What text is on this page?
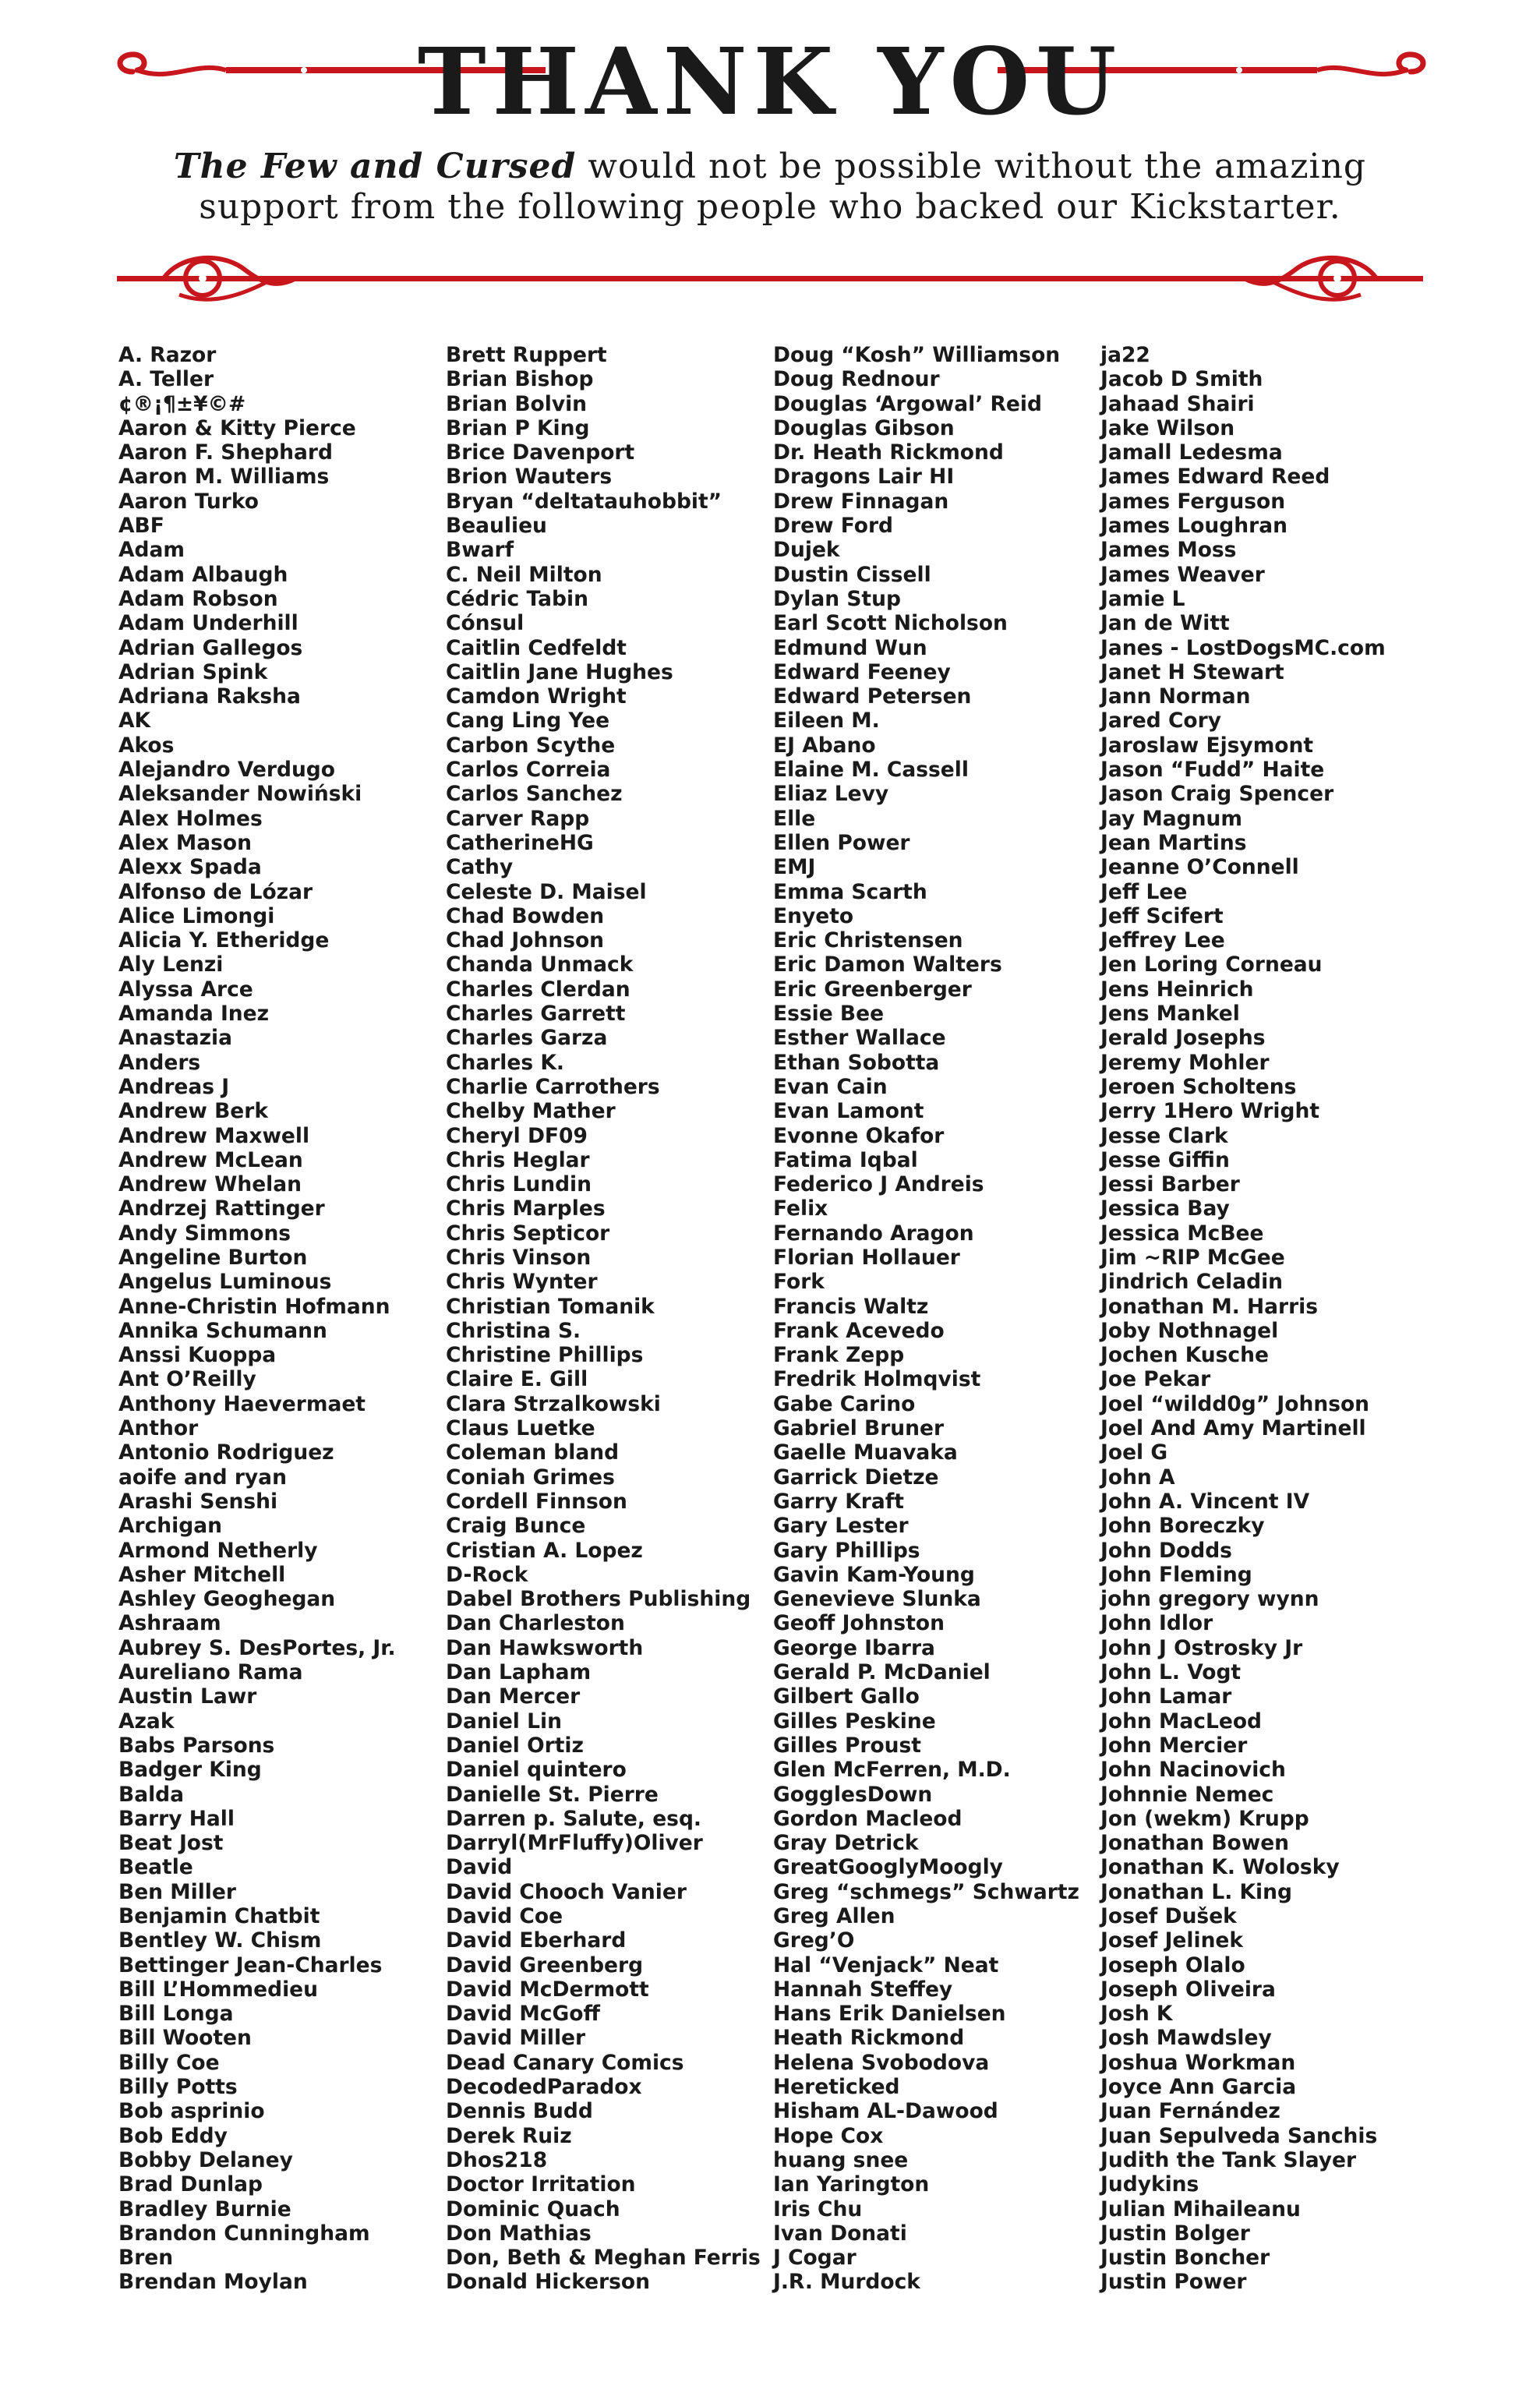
THANK YOU
The Few and Cursed would not be possible without the amazing
support from the following people who backed our Kickstarter.
A. Razor
A. Teller
¢®¡¶±¥©#
Aaron & Kitty Pierce
Aaron F. Shephard
Aaron M. Williams
Aaron Turko
ABF
Adam
Adam Albaugh
Adam Robson
Adam Underhill
Adrian Gallegos
Adrian Spink
Adriana Raksha
AK
Akos
Alejandro Verdugo
Aleksander Nowiński
Alex Holmes
Alex Mason
Alexx Spada
Alfonso de Lózar
Alice Limongi
Alicia Y. Etheridge
Aly Lenzi
Alyssa Arce
Amanda Inez
Anastazia
Anders
Andreas J
Andrew Berk
Andrew Maxwell
Andrew McLean
Andrew Whelan
Andrzej Rattinger
Andy Simmons
Angeline Burton
Angelus Luminous
Anne-Christin Hofmann
Annika Schumann
Anssi Kuoppa
Ant O’Reilly
Anthony Haevermaet
Anthor
Antonio Rodriguez
aoife and ryan
Arashi Senshi
Archigan
Armond Netherly
Asher Mitchell
Ashley Geoghegan
Ashraam
Aubrey S. DesPortes, Jr.
Aureliano Rama
Austin Lawr
Azak
Babs Parsons
Badger King
Balda
Barry Hall
Beat Jost
Beatle
Ben Miller
Benjamin Chatbit
Bentley W. Chism
Bettinger Jean-Charles
Bill L’Hommedieu
Bill Longa
Bill Wooten
Billy Coe
Billy Potts
Bob asprinio
Bob Eddy
Bobby Delaney
Brad Dunlap
Bradley Burnie
Brandon Cunningham
Bren
Brendan Moylan
Brett Ruppert
Brian Bishop
Brian Bolvin
Brian P King
Brice Davenport
Brion Wauters
Bryan “deltatauhobbit”
Beaulieu
Bwarf
C. Neil Milton
Cédric Tabin
Cónsul
Caitlin Cedfeldt
Caitlin Jane Hughes
Camdon Wright
Cang Ling Yee
Carbon Scythe
Carlos Correia
Carlos Sanchez
Carver Rapp
CatherineHG
Cathy
Celeste D. Maisel
Chad Bowden
Chad Johnson
Chanda Unmack
Charles Clerdan
Charles Garrett
Charles Garza
Charles K.
Charlie Carrothers
Chelby Mather
Cheryl DF09
Chris Heglar
Chris Lundin
Chris Marples
Chris Septicor
Chris Vinson
Chris Wynter
Christian Tomanik
Christina S.
Christine Phillips
Claire E. Gill
Clara Strzalkowski
Claus Luetke
Coleman bland
Coniah Grimes
Cordell Finnson
Craig Bunce
Cristian A. Lopez
D-Rock
Dabel Brothers Publishing
Dan Charleston
Dan Hawksworth
Dan Lapham
Dan Mercer
Daniel Lin
Daniel Ortiz
Daniel quintero
Danielle St. Pierre
Darren p. Salute, esq.
Darryl(MrFluffy)Oliver
David
David Chooch Vanier
David Coe
David Eberhard
David Greenberg
David McDermott
David McGoff
David Miller
Dead Canary Comics
DecodedParadox
Dennis Budd
Derek Ruiz
Dhos218
Doctor Irritation
Dominic Quach
Don Mathias
Don, Beth & Meghan Ferris
Donald Hickerson
Doug “Kosh” Williamson
Doug Rednour
Douglas ‘Argowal’ Reid
Douglas Gibson
Dr. Heath Rickmond
Dragons Lair HI
Drew Finnagan
Drew Ford
Dujek
Dustin Cissell
Dylan Stup
Earl Scott Nicholson
Edmund Wun
Edward Feeney
Edward Petersen
Eileen M.
EJ Abano
Elaine M. Cassell
Eliaz Levy
Elle
Ellen Power
EMJ
Emma Scarth
Enyeto
Eric Christensen
Eric Damon Walters
Eric Greenberger
Essie Bee
Esther Wallace
Ethan Sobotta
Evan Cain
Evan Lamont
Evonne Okafor
Fatima Iqbal
Federico J Andreis
Felix
Fernando Aragon
Florian Hollauer
Fork
Francis Waltz
Frank Acevedo
Frank Zepp
Fredrik Holmqvist
Gabe Carino
Gabriel Bruner
Gaelle Muavaka
Garrick Dietze
Garry Kraft
Gary Lester
Gary Phillips
Gavin Kam-Young
Genevieve Slunka
Geoff Johnston
George Ibarra
Gerald P. McDaniel
Gilbert Gallo
Gilles Peskine
Gilles Proust
Glen McFerren, M.D.
GogglesDown
Gordon Macleod
Gray Detrick
GreatGooglyMoogly
Greg “schmegs” Schwartz
Greg Allen
Greg’O
Hal “Venjack” Neat
Hannah Steffey
Hans Erik Danielsen
Heath Rickmond
Helena Svobodova
Hereticked
Hisham AL-Dawood
Hope Cox
huang snee
Ian Yarington
Iris Chu
Ivan Donati
J Cogar
J.R. Murdock
ja22
Jacob D Smith
Jahaad Shairi
Jake Wilson
Jamall Ledesma
James Edward Reed
James Ferguson
James Loughran
James Moss
James Weaver
Jamie L
Jan de Witt
Janes - LostDogsMC.com
Janet H Stewart
Jann Norman
Jared Cory
Jaroslaw Ejsymont
Jason “Fudd” Haite
Jason Craig Spencer
Jay Magnum
Jean Martins
Jeanne O’Connell
Jeff Lee
Jeff Scifert
Jeffrey Lee
Jen Loring Corneau
Jens Heinrich
Jens Mankel
Jerald Josephs
Jeremy Mohler
Jeroen Scholtens
Jerry 1Hero Wright
Jesse Clark
Jesse Giffin
Jessi Barber
Jessica Bay
Jessica McBee
Jim ~RIP McGee
Jindrich Celadin
Jonathan M. Harris
Joby Nothnagel
Jochen Kusche
Joe Pekar
Joel “wildd0g” Johnson
Joel And Amy Martinell
Joel G
John A
John A. Vincent IV
John Boreczky
John Dodds
John Fleming
john gregory wynn
John Idlor
John J Ostrosky Jr
John L. Vogt
John Lamar
John MacLeod
John Mercier
John Nacinovich
Johnnie Nemec
Jon (wekm) Krupp
Jonathan Bowen
Jonathan K. Wolosky
Jonathan L. King
Josef Dušek
Josef Jelinek
Joseph Olalo
Joseph Oliveira
Josh K
Josh Mawdsley
Joshua Workman
Joyce Ann Garcia
Juan Fernández
Juan Sepulveda Sanchis
Judith the Tank Slayer
Judykins
Julian Mihaileanu
Justin Bolger
Justin Boncher
Justin Power
